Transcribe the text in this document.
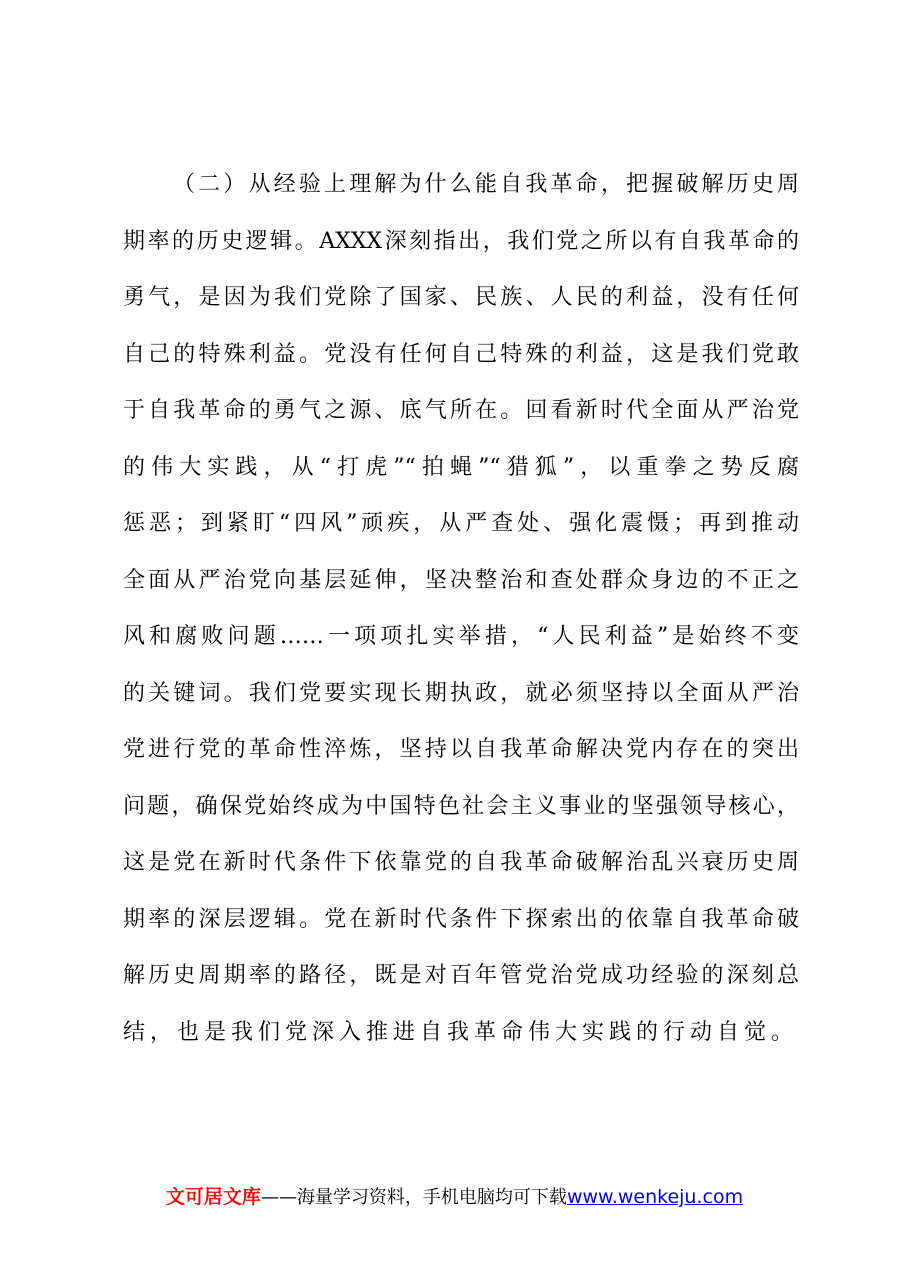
（二）从经验上理解为什么能自我革命，把握破解历史周
期率的历史逻辑。AXXX深刻指出，我们党之所以有自我革命的
勇气，是因为我们党除了国家、民族、人民的利益，没有任何
自己的特殊利益。党没有任何自己特殊的利益，这是我们党敢
于自我革命的勇气之源、底气所在。回看新时代全面从严治党
的伟大实践，从“打虎”“拍蝇”“猎狐”，以重拳之势反腐
惩恶；到紧盯“四风”顽疾，从严查处、强化震慑；再到推动
全面从严治党向基层延伸，坚决整治和查处群众身边的不正之
风和腐败问题……一项项扎实举措，“人民利益”是始终不变
的关键词。我们党要实现长期执政，就必须坚持以全面从严治
党进行党的革命性淬炼，坚持以自我革命解决党内存在的突出
问题，确保党始终成为中国特色社会主义事业的坚强领导核心，
这是党在新时代条件下依靠党的自我革命破解治乱兴衰历史周
期率的深层逻辑。党在新时代条件下探索出的依靠自我革命破
解历史周期率的路径，既是对百年管党治党成功经验的深刻总
结，也是我们党深入推进自我革命伟大实践的行动自觉。
文可居文库——海量学习资料，手机电脑均可下载www.wenkeju.com
